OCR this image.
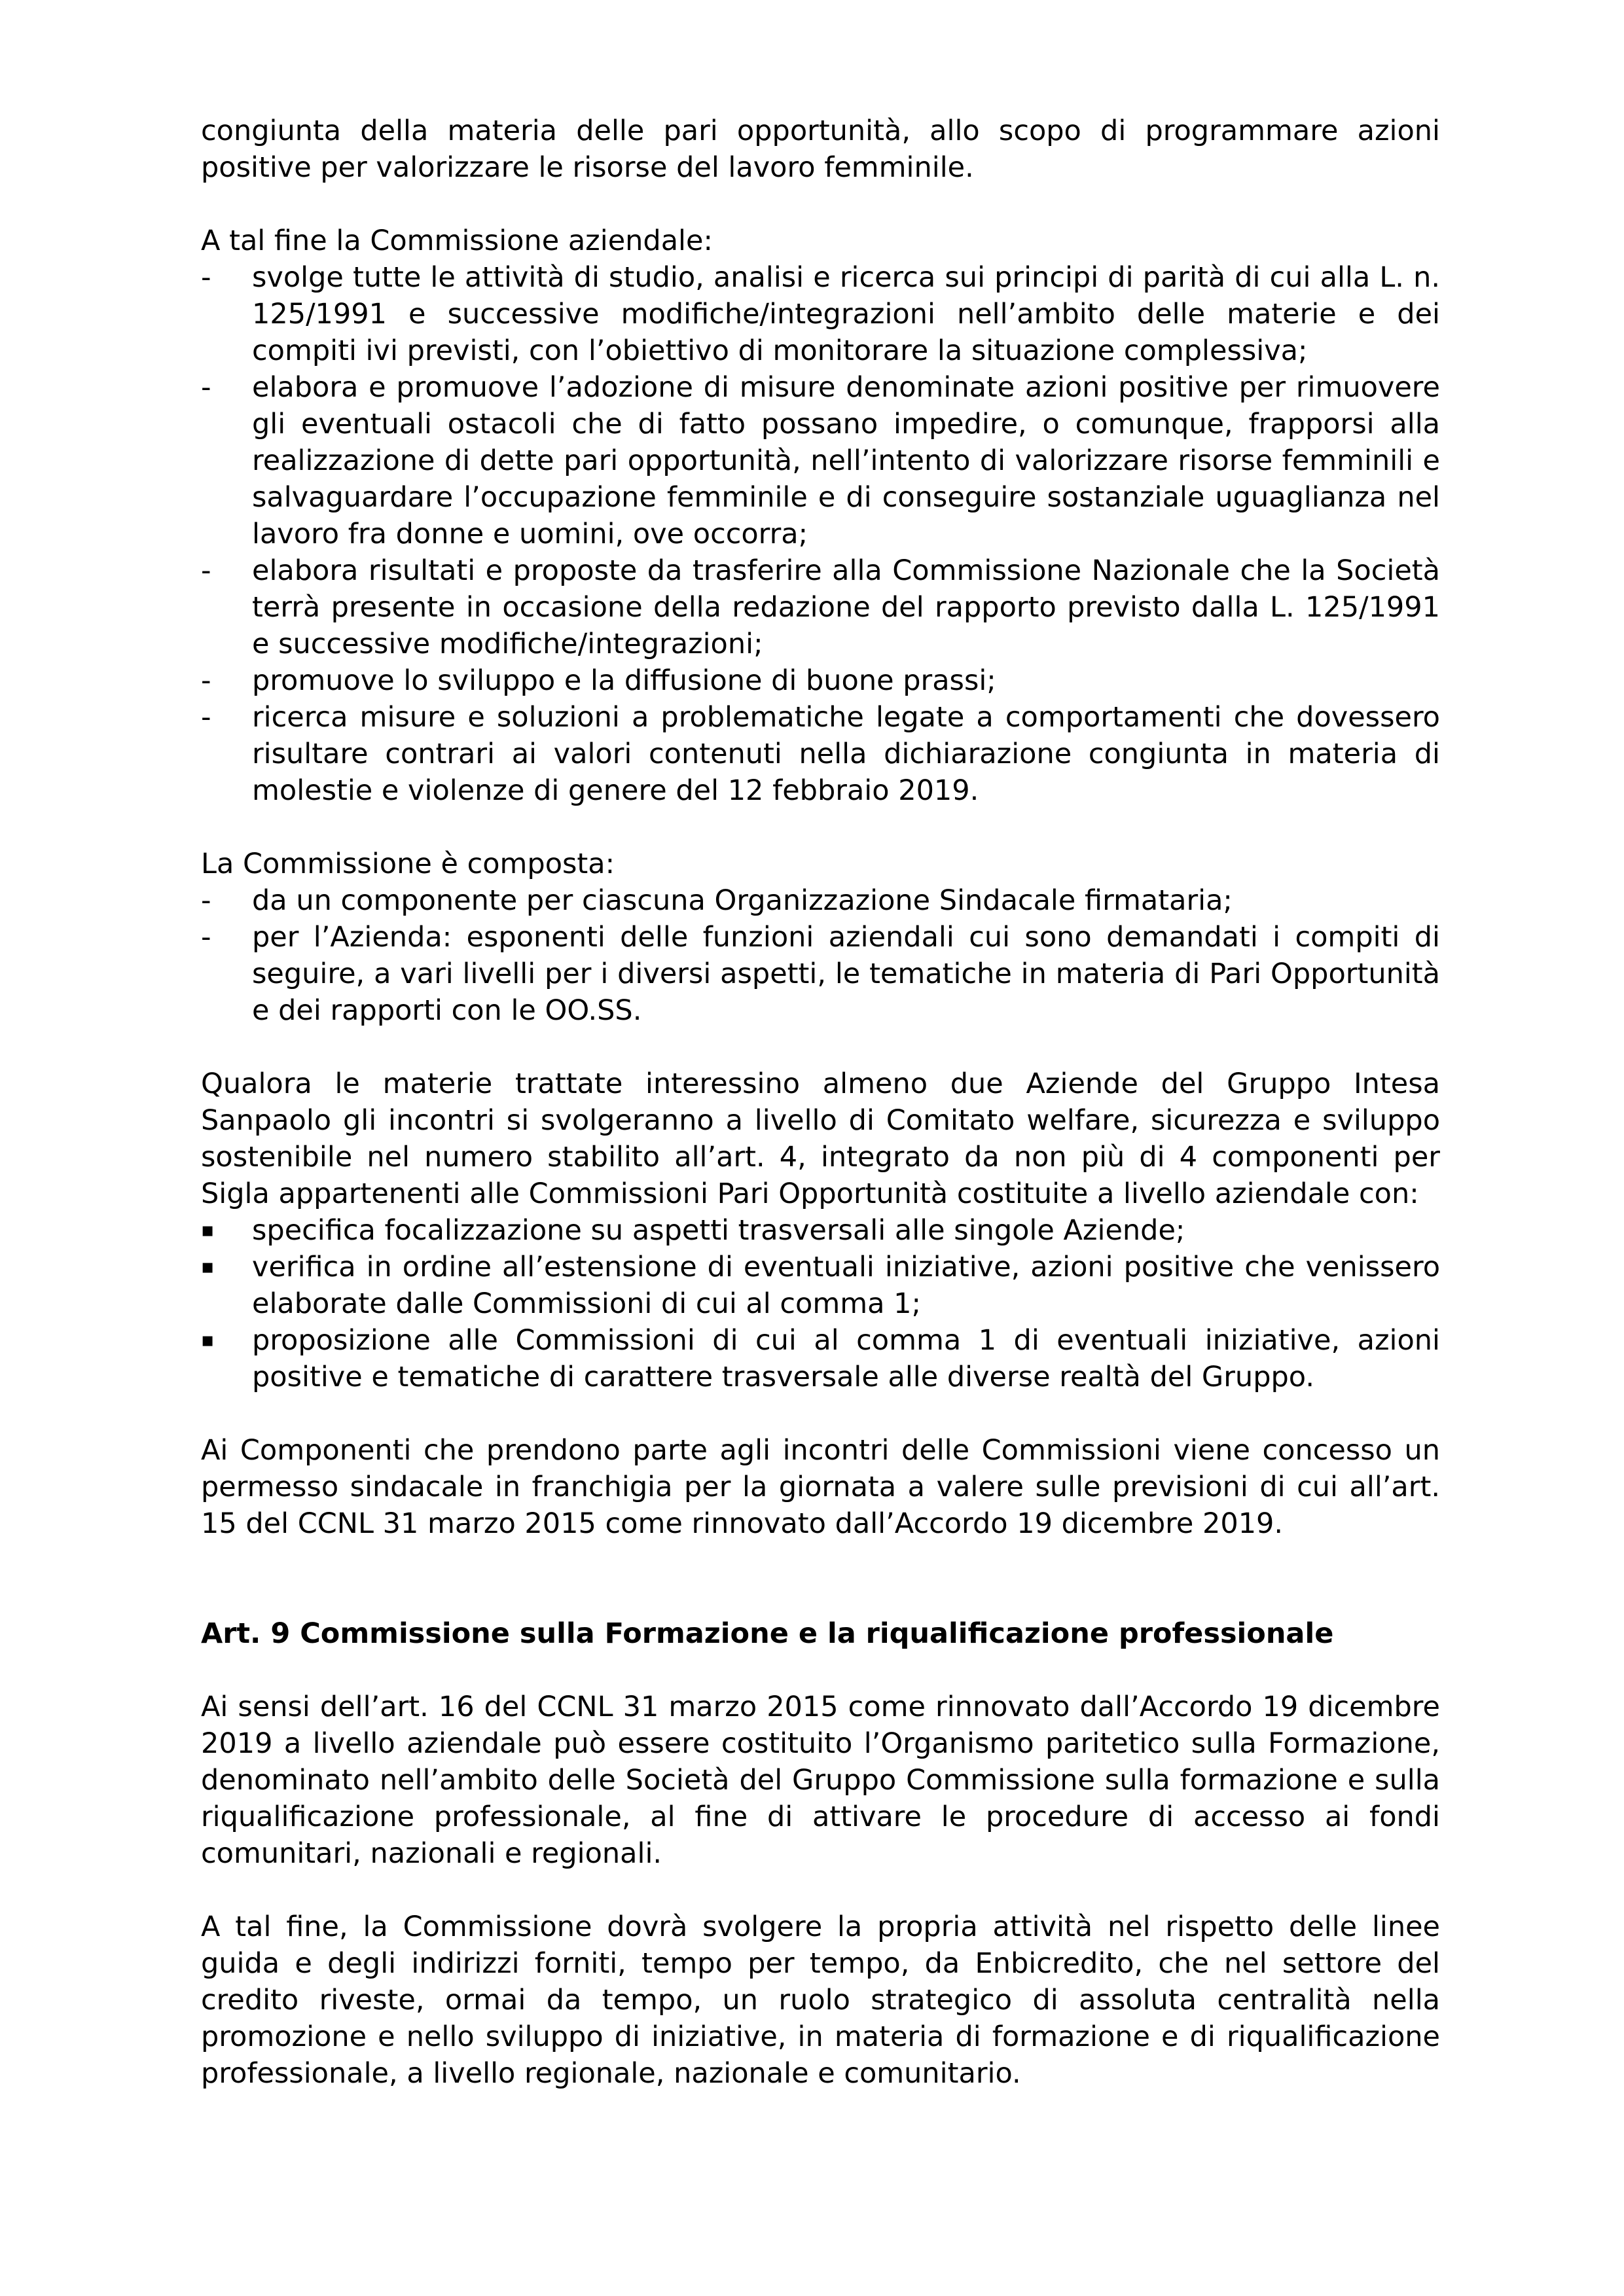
congiunta della materia delle pari opportunità, allo scopo di programmare azioni positive per valorizzare le risorse del lavoro femminile.

A tal fine la Commissione aziendale:

-	svolge tutte le attività di studio, analisi e ricerca sui principi di parità di cui alla L. n. 125/1991 e successive modifiche/integrazioni nell’ambito delle materie e dei compiti ivi previsti, con l’obiettivo di monitorare la situazione complessiva;
-	elabora e promuove l’adozione di misure denominate azioni positive per rimuovere gli eventuali ostacoli che di fatto possano impedire, o comunque, frapporsi alla realizzazione di dette pari opportunità, nell’intento di valorizzare risorse femminili e salvaguardare l’occupazione femminile e di conseguire sostanziale uguaglianza nel lavoro fra donne e uomini, ove occorra;
-	elabora risultati e proposte da trasferire alla Commissione Nazionale che la Società terrà presente in occasione della redazione del rapporto previsto dalla L. 125/1991 e successive modifiche/integrazioni;
-	promuove lo sviluppo e la diffusione di buone prassi;
-	ricerca misure e soluzioni a problematiche legate a comportamenti che dovessero risultare contrari ai valori contenuti nella dichiarazione congiunta in materia di molestie e violenze di genere del 12 febbraio 2019.

La Commissione è composta:

-	da un componente per ciascuna Organizzazione Sindacale firmataria;
-	per l’Azienda: esponenti delle funzioni aziendali cui sono demandati i compiti di seguire, a vari livelli per i diversi aspetti, le tematiche in materia di Pari Opportunità e dei rapporti con le OO.SS.

Qualora le materie trattate interessino almeno due Aziende del Gruppo Intesa Sanpaolo gli incontri si svolgeranno a livello di Comitato welfare, sicurezza e sviluppo sostenibile nel numero stabilito all’art. 4, integrato da non più di 4 componenti per Sigla appartenenti alle Commissioni Pari Opportunità costituite a livello aziendale con:

▪	specifica focalizzazione su aspetti trasversali alle singole Aziende;
▪	verifica in ordine all’estensione di eventuali iniziative, azioni positive che venissero elaborate dalle Commissioni di cui al comma 1;
▪	proposizione alle Commissioni di cui al comma 1 di eventuali iniziative, azioni positive e tematiche di carattere trasversale alle diverse realtà del Gruppo.

Ai Componenti che prendono parte agli incontri delle Commissioni viene concesso un permesso sindacale in franchigia per la giornata a valere sulle previsioni di cui all’art. 15 del CCNL 31 marzo 2015 come rinnovato dall’Accordo 19 dicembre 2019.

Art. 9 Commissione sulla Formazione e la riqualificazione professionale

Ai sensi dell’art. 16 del CCNL 31 marzo 2015 come rinnovato dall’Accordo 19 dicembre 2019 a livello aziendale può essere costituito l’Organismo paritetico sulla Formazione, denominato nell’ambito delle Società del Gruppo Commissione sulla formazione e sulla riqualificazione professionale, al fine di attivare le procedure di accesso ai fondi comunitari, nazionali e regionali.

A tal fine, la Commissione dovrà svolgere la propria attività nel rispetto delle linee guida e degli indirizzi forniti, tempo per tempo, da Enbicredito, che nel settore del credito riveste, ormai da tempo, un ruolo strategico di assoluta centralità nella promozione e nello sviluppo di iniziative, in materia di formazione e di riqualificazione professionale, a livello regionale, nazionale e comunitario.
